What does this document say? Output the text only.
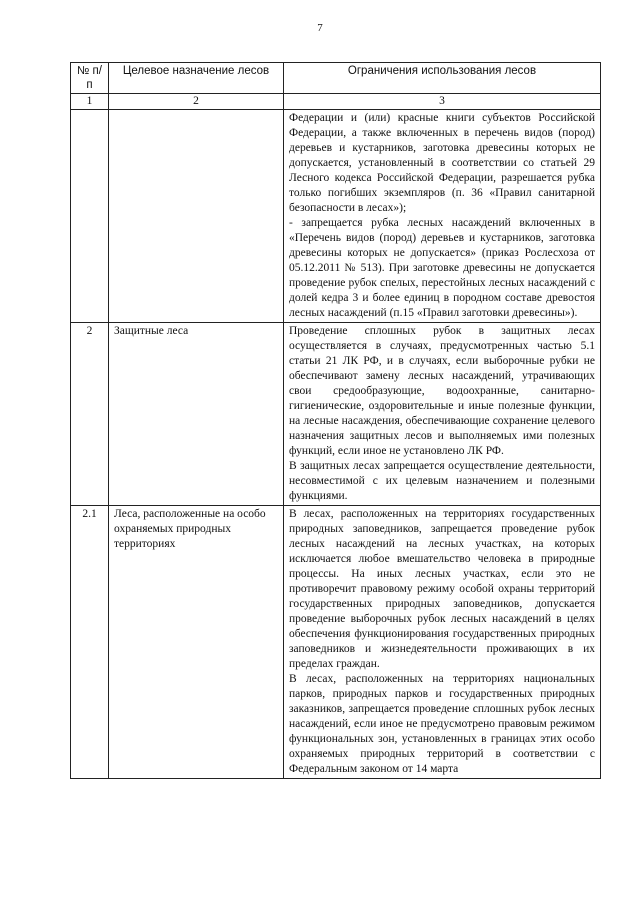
7
№ п/п	Целевое назначение лесов	Ограничения использования лесов
1	2	3

		Федерации и (или) красные книги субъектов Российской Федерации, а также включенных в перечень видов (пород) деревьев и кустарников, заготовка древесины которых не допускается, установленный в соответствии со статьей 29 Лесного кодекса Российской Федерации, разрешается рубка только погибших экземпляров (п. 36 «Правил санитарной безопасности в лесах»);

- запрещается рубка лесных насаждений включенных в «Перечень видов (пород) деревьев и кустарников, заготовка древесины которых не допускается» (приказ Рослесхоза от 05.12.2011 № 513). При заготовке древесины не допускается проведение рубок спелых, перестойных лесных насаждений с долей кедра 3 и более единиц в породном составе древостоя лесных насаждений (п.15 «Правил заготовки древесины»).

2	Защитные леса	Проведение сплошных рубок в защитных лесах осуществляется в случаях, предусмотренных частью 5.1 статьи 21 ЛК РФ, и в случаях, если выборочные рубки не обеспечивают замену лесных насаждений, утрачивающих свои средообразующие, водоохранные, санитарно-гигиенические, оздоровительные и иные полезные функции, на лесные насаждения, обеспечивающие сохранение целевого назначения защитных лесов и выполняемых ими полезных функций, если иное не установлено ЛК РФ.

В защитных лесах запрещается осуществление деятельности, несовместимой с их целевым назначением и полезными функциями.

2.1	Леса, расположенные на особо охраняемых природных территориях	В лесах, расположенных на территориях государственных природных заповедников, запрещается проведение рубок лесных насаждений на лесных участках, на которых исключается любое вмешательство человека в природные процессы. На иных лесных участках, если это не противоречит правовому режиму особой охраны территорий государственных природных заповедников, допускается проведение выборочных рубок лесных насаждений в целях обеспечения функционирования государственных природных заповедников и жизнедеятельности проживающих в их пределах граждан.

В лесах, расположенных на территориях национальных парков, природных парков и государственных природных заказников, запрещается проведение сплошных рубок лесных насаждений, если иное не предусмотрено правовым режимом функциональных зон, установленных в границах этих особо охраняемых природных территорий в соответствии с Федеральным законом от 14 марта
